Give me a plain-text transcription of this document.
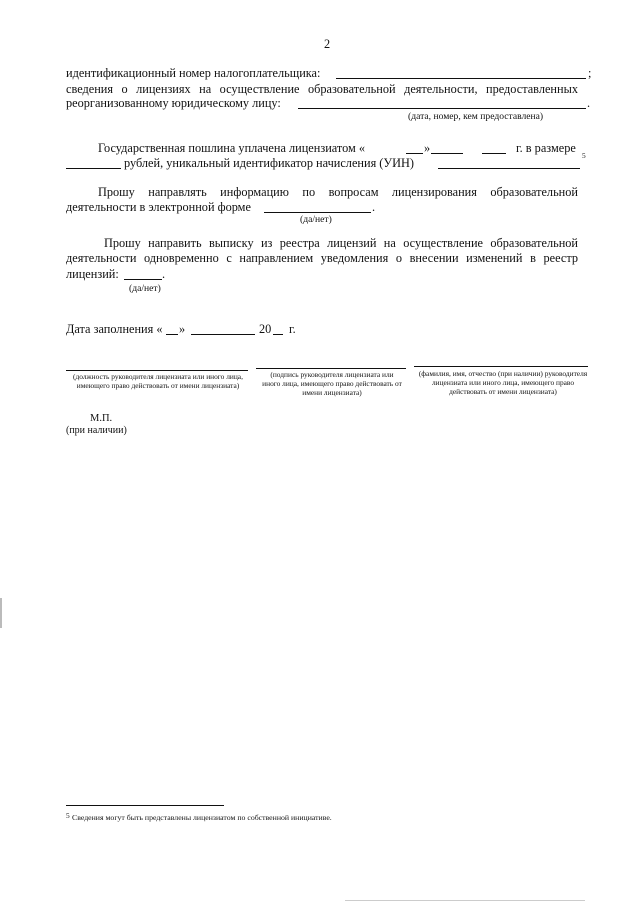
2
идентификационный номер налогоплательщика:	;
сведения о лицензиях на осуществление образовательной деятельности, предоставленных
реорганизованному юридическому лицу:	.
(дата, номер, кем предоставлена)
Государственная пошлина уплачена лицензиатом «	»	г. в размере
рублей, уникальный идентификатор начисления (УИН)
5
Прошу направлять информацию по вопросам лицензирования образовательной
деятельности в электронной форме	.
(да/нет)
Прошу направить выписку из реестра лицензий на осуществление образовательной
деятельности одновременно с направлением уведомления о внесении изменений в реестр
лицензий:	.
(да/нет)
Дата заполнения « »	20 г.
(должность руководителя лицензиата или иного лица, имеющего право действовать от имени лицензиата)
(подпись руководителя лицензиата или иного лица, имеющего право действовать от имени лицензиата)
(фамилия, имя, отчество (при наличии) руководителя лицензиата или иного лица, имеющего право действовать от имени лицензиата)
М.П.
(при наличии)
5 Сведения могут быть представлены лицензиатом по собственной инициативе.
